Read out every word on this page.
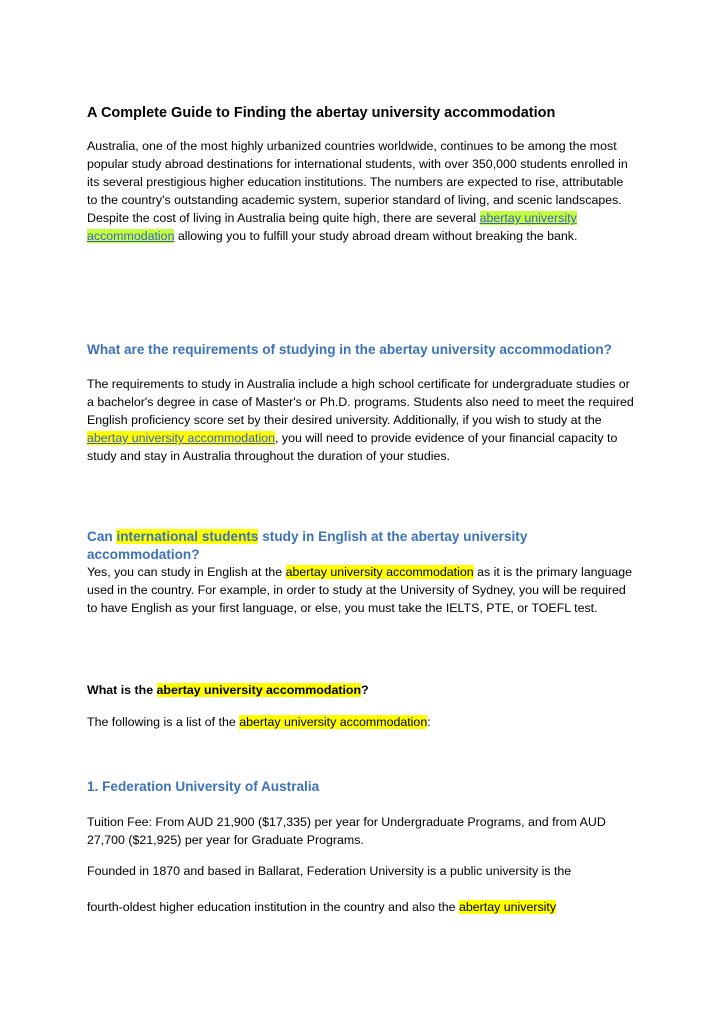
A Complete Guide to Finding the abertay university accommodation

Australia, one of the most highly urbanized countries worldwide, continues to be among the most popular study abroad destinations for international students, with over 350,000 students enrolled in its several prestigious higher education institutions. The numbers are expected to rise, attributable to the country's outstanding academic system, superior standard of living, and scenic landscapes. Despite the cost of living in Australia being quite high, there are several abertay university accommodation allowing you to fulfill your study abroad dream without breaking the bank.

What are the requirements of studying in the abertay university accommodation?

The requirements to study in Australia include a high school certificate for undergraduate studies or a bachelor's degree in case of Master's or Ph.D. programs. Students also need to meet the required English proficiency score set by their desired university. Additionally, if you wish to study at the abertay university accommodation, you will need to provide evidence of your financial capacity to study and stay in Australia throughout the duration of your studies.

Can international students study in English at the abertay university accommodation?

Yes, you can study in English at the abertay university accommodation as it is the primary language used in the country. For example, in order to study at the University of Sydney, you will be required to have English as your first language, or else, you must take the IELTS, PTE, or TOEFL test.

What is the abertay university accommodation?

The following is a list of the abertay university accommodation:

1. Federation University of Australia

Tuition Fee: From AUD 21,900 ($17,335) per year for Undergraduate Programs, and from AUD 27,700 ($21,925) per year for Graduate Programs.

Founded in 1870 and based in Ballarat, Federation University is a public university is the

fourth-oldest higher education institution in the country and also the abertay university
